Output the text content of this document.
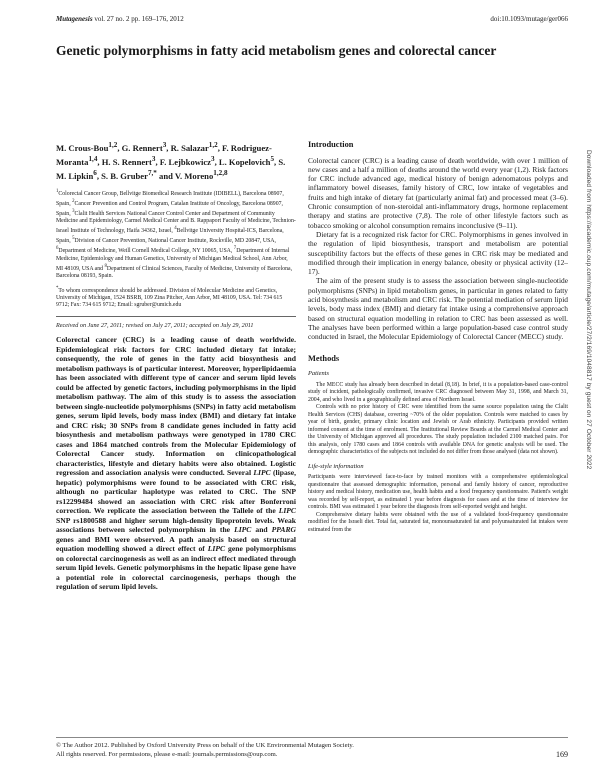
Mutagenesis vol. 27 no. 2 pp. 169–176, 2012	doi:10.1093/mutage/ger066
Genetic polymorphisms in fatty acid metabolism genes and colorectal cancer
Downloaded from https://academic.oup.com/mutage/article/27/2/169/1048817 by guest on 27 October 2022
M. Crous-Bou$^{1,2}$, G. Rennert$^3$, R. Salazar$^{1,2}$, F. Rodriguez-Moranta$^{1,4}$, H. S. Rennert$^3$, F. Lejbkowicz$^3$, L. Kopelovich$^5$, S. M. Lipkin$^6$, S. B. Gruber$^{7,*}$ and V. Moreno$^{1,2,8}$
$^1$Colorectal Cancer Group, Bellvitge Biomedical Research Institute (IDIBELL), Barcelona 08907, Spain, $^2$Cancer Prevention and Control Program, Catalan Institute of Oncology, Barcelona 08907, Spain, $^3$Clalit Health Services National Cancer Control Center and Department of Community Medicine and Epidemiology, Carmel Medical Center and B. Rappaport Faculty of Medicine, Technion-Israel Institute of Technology, Haifa 34362, Israel, $^4$Bellvitge University Hospital-ICS, Barcelona, Spain, $^5$Division of Cancer Prevention, National Cancer Institute, Rockville, MD 20847, USA, $^6$Department of Medicine, Weill Cornell Medical College, NY 10065, USA, $^7$Department of Internal Medicine, Epidemiology and Human Genetics, University of Michigan Medical School, Ann Arbor, MI 48109, USA and $^8$Department of Clinical Sciences, Faculty of Medicine, University of Barcelona, Barcelona 08193, Spain.
*To whom correspondence should be addressed. Division of Molecular Medicine and Genetics, University of Michigan, 1524 BSRB, 109 Zina Pitcher, Ann Arbor, MI 48109, USA. Tel: 734 615 9712; Fax: 734 615 9712; Email: sgruber@umich.edu
Received on June 27, 2011; revised on July 27, 2011; accepted on July 29, 2011
Colorectal cancer (CRC) is a leading cause of death worldwide. Epidemiological risk factors for CRC included dietary fat intake; consequently, the role of genes in the fatty acid biosynthesis and metabolism pathways is of particular interest. Moreover, hyperlipidaemia has been associated with different type of cancer and serum lipid levels could be affected by genetic factors, including polymorphisms in the lipid metabolism pathway. The aim of this study is to assess the association between single-nucleotide polymorphisms (SNPs) in fatty acid metabolism genes, serum lipid levels, body mass index (BMI) and dietary fat intake and CRC risk; 30 SNPs from 8 candidate genes included in fatty acid biosynthesis and metabolism pathways were genotyped in 1780 CRC cases and 1864 matched controls from the Molecular Epidemiology of Colorectal Cancer study. Information on clinicopathological characteristics, lifestyle and dietary habits were also obtained. Logistic regression and association analysis were conducted. Several LIPC (lipase, hepatic) polymorphisms were found to be associated with CRC risk, although no particular haplotype was related to CRC. The SNP rs12299484 showed an association with CRC risk after Bonferroni correction. We replicate the association between the Tallele of the LIPC SNP rs1800588 and higher serum high-density lipoprotein levels. Weak associations between selected polymorphism in the LIPC and PPARG genes and BMI were observed. A path analysis based on structural equation modelling showed a direct effect of LIPC gene polymorphisms on colorectal carcinogenesis as well as an indirect effect mediated through serum lipid levels. Genetic polymorphisms in the hepatic lipase gene have a potential role in colorectal carcinogenesis, perhaps though the regulation of serum lipid levels.
Introduction

Colorectal cancer (CRC) is a leading cause of death worldwide, with over 1 million of new cases and a half a million of deaths around the world every year (1,2). Risk factors for CRC include advanced age, medical history of benign adenomatous polyps and inflammatory bowel diseases, family history of CRC, low intake of vegetables and fruits and high intake of dietary fat (particularly animal fat) and processed meat (3–6). Chronic consumption of non-steroidal anti-inflammatory drugs, hormone replacement therapy and statins are protective (7,8). The role of other lifestyle factors such as tobacco smoking or alcohol consumption remains inconclusive (9–11).

Dietary fat is a recognized risk factor for CRC. Polymorphisms in genes involved in the regulation of lipid biosynthesis, transport and metabolism are potential susceptibility factors but the effects of these genes in CRC risk may be mediated and modified through their implication in energy balance, obesity or physical activity (12–17).

The aim of the present study is to assess the association between single-nucleotide polymorphisms (SNPs) in lipid metabolism genes, in particular in genes related to fatty acid biosynthesis and metabolism and CRC risk. The potential mediation of serum lipid levels, body mass index (BMI) and dietary fat intake using a comprehensive approach based on structural equation modelling in relation to CRC has been assessed as well. The analyses have been performed within a large population-based case control study conducted in Israel, the Molecular Epidemiology of Colorectal Cancer (MECC) study.

Methods
Patients

The MECC study has already been described in detail (8,18). In brief, it is a population-based case-control study of incident, pathologically confirmed, invasive CRC diagnosed between May 31, 1998, and March 31, 2004, and who lived in a geographically defined area of Northern Israel.

Controls with no prior history of CRC were identified from the same source population using the Clalit Health Services (CHS) database, covering ~70% of the older population. Controls were matched to cases by year of birth, gender, primary clinic location and Jewish or Arab ethnicity. Participants provided written informed consent at the time of enrolment. The Institutional Review Boards at the Carmel Medical Center and the University of Michigan approved all procedures. The study population included 2100 matched pairs. For this analysis, only 1780 cases and 1864 controls with available DNA for genetic analysis will be used. The demographic characteristics of the subjects not included do not differ from those analysed (data not shown).

Life-style information

Participants were interviewed face-to-face by trained monitors with a comprehensive epidemiological questionnaire that assessed demographic information, personal and family history of cancer, reproductive history and medical history, medication use, health habits and a food frequency questionnaire. Patient's weight was recorded by self-report, as estimated 1 year before diagnosis for cases and at the time of interview for controls. BMI was estimated 1 year before the diagnosis from self-reported weight and height.

Comprehensive dietary habits were obtained with the use of a validated food-frequency questionnaire modified for the Israeli diet. Total fat, saturated fat, monounsaturated fat and polyunsaturated fat intakes were estimated from the

© The Author 2012. Published by Oxford University Press on behalf of the UK Environmental Mutagen Society.
All rights reserved. For permissions, please e-mail: journals.permissions@oup.com.	169
